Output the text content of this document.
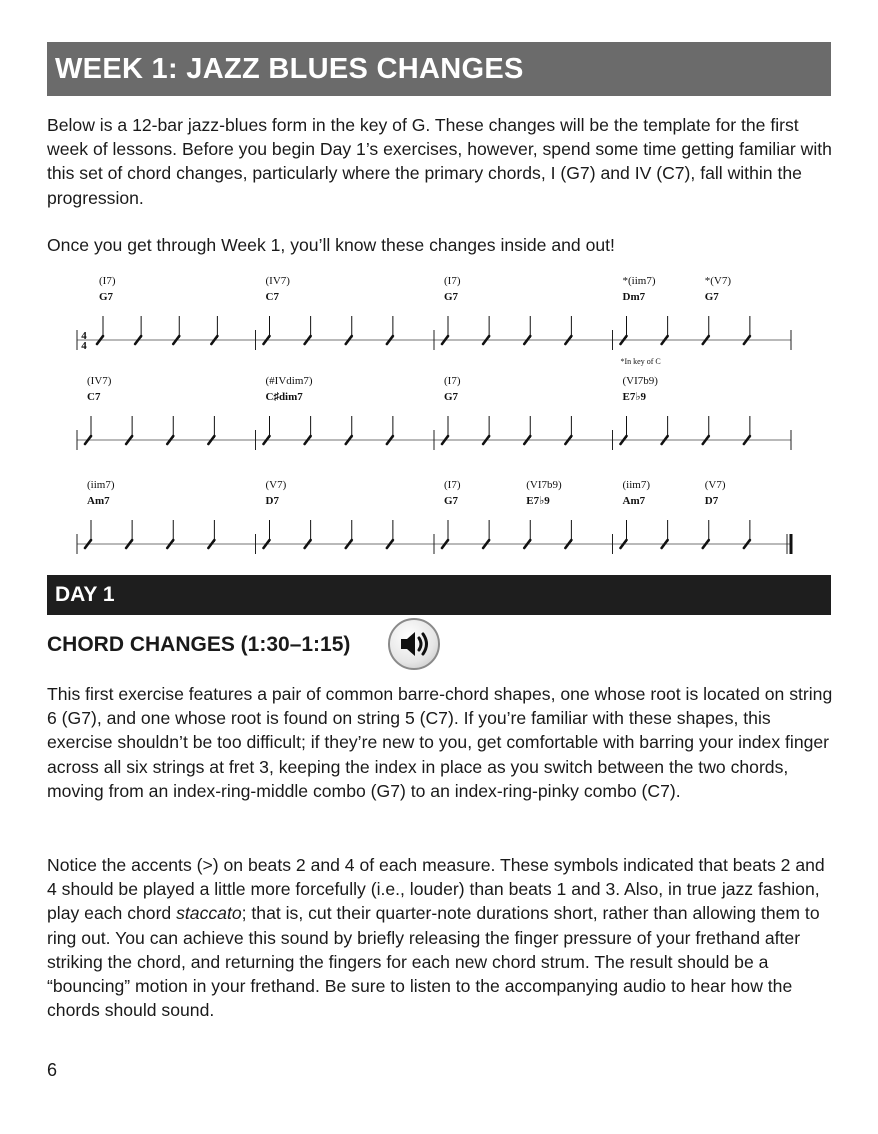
WEEK 1: JAZZ BLUES CHANGES

Below is a 12-bar jazz-blues form in the key of G. These changes will be the template for the first week of lessons. Before you begin Day 1’s exercises, however, spend some time getting familiar with this set of chord changes, particularly where the primary chords, I (G7) and IV (C7), fall within the progression.

Once you get through Week 1, you’ll know these changes inside and out!

4
4
(I7)
G7
(IV7)
C7
(I7)
G7
*(iim7)
Dm7
*(V7)
G7
*In key of C
(IV7)
C7
(#IVdim7)
C♯dim7
(I7)
G7
(VI7b9)
E7♭9
(iim7)
Am7
(V7)
D7
(I7)
G7
(VI7b9)
E7♭9
(iim7)
Am7
(V7)
D7
DAY 1
CHORD CHANGES (1:30–1:15)

This first exercise features a pair of common barre-chord shapes, one whose root is located on string 6 (G7), and one whose root is found on string 5 (C7). If you’re familiar with these shapes, this exercise shouldn’t be too difficult; if they’re new to you, get comfortable with barring your index finger across all six strings at fret 3, keeping the index in place as you switch between the two chords, moving from an index-ring-middle combo (G7) to an index-ring-pinky combo (C7).

Notice the accents (>) on beats 2 and 4 of each measure. These symbols indicated that beats 2 and 4 should be played a little more forcefully (i.e., louder) than beats 1 and 3. Also, in true jazz fashion, play each chord staccato; that is, cut their quarter-note durations short, rather than allowing them to ring out. You can achieve this sound by briefly releasing the finger pressure of your frethand after striking the chord, and returning the fingers for each new chord strum. The result should be a “bouncing” motion in your frethand. Be sure to listen to the accompanying audio to hear how the chords should sound.

6
